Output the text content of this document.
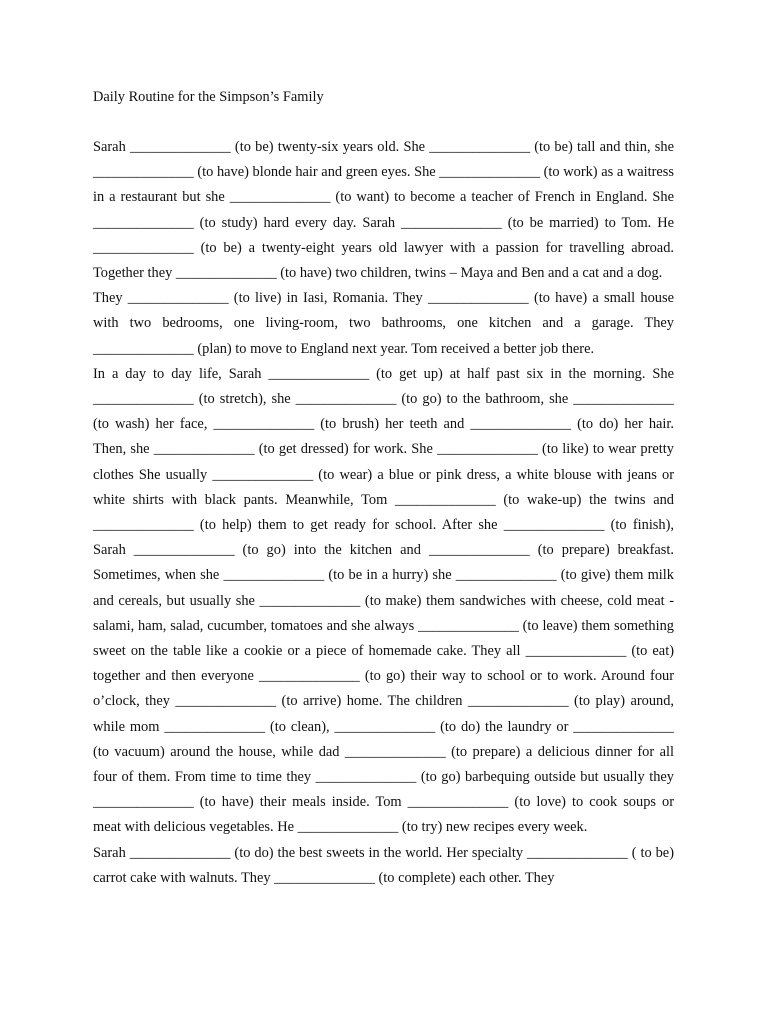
Daily Routine for the Simpson’s Family

Sarah ______________ (to be) twenty-six years old. She ______________ (to be) tall and thin, she ______________ (to have) blonde hair and green eyes. She ______________ (to work) as a waitress in a restaurant but she ______________ (to want) to become a teacher of French in England. She ______________ (to study) hard every day. Sarah ______________ (to be married) to Tom. He ______________ (to be) a twenty-eight years old lawyer with a passion for travelling abroad. Together they ______________ (to have) two children, twins – Maya and Ben and a cat and a dog.

They ______________ (to live) in Iasi, Romania. They ______________ (to have) a small house with two bedrooms, one living-room, two bathrooms, one kitchen and a garage. They ______________ (plan) to move to England next year. Tom received a better job there.

In a day to day life, Sarah ______________ (to get up) at half past six in the morning. She ______________ (to stretch), she ______________ (to go) to the bathroom, she ______________ (to wash) her face, ______________ (to brush) her teeth and ______________ (to do) her hair. Then, she ______________ (to get dressed) for work. She ______________ (to like) to wear pretty clothes She usually ______________ (to wear) a blue or pink dress, a white blouse with jeans or white shirts with black pants. Meanwhile, Tom ______________ (to wake-up) the twins and ______________ (to help) them to get ready for school. After she ______________ (to finish), Sarah ______________ (to go) into the kitchen and ______________ (to prepare) breakfast. Sometimes, when she ______________ (to be in a hurry) she ______________ (to give) them milk and cereals, but usually she ______________ (to make) them sandwiches with cheese, cold meat - salami, ham, salad, cucumber, tomatoes and she always ______________ (to leave) them something sweet on the table like a cookie or a piece of homemade cake. They all ______________ (to eat) together and then everyone ______________ (to go) their way to school or to work. Around four o’clock, they ______________ (to arrive) home. The children ______________ (to play) around, while mom ______________ (to clean), ______________ (to do) the laundry or ______________ (to vacuum) around the house, while dad ______________ (to prepare) a delicious dinner for all four of them. From time to time they ______________ (to go) barbequing outside but usually they ______________ (to have) their meals inside. Tom ______________ (to love) to cook soups or meat with delicious vegetables. He ______________ (to try) new recipes every week.

Sarah ______________ (to do) the best sweets in the world. Her specialty ______________ ( to be) carrot cake with walnuts. They ______________ (to complete) each other. They
